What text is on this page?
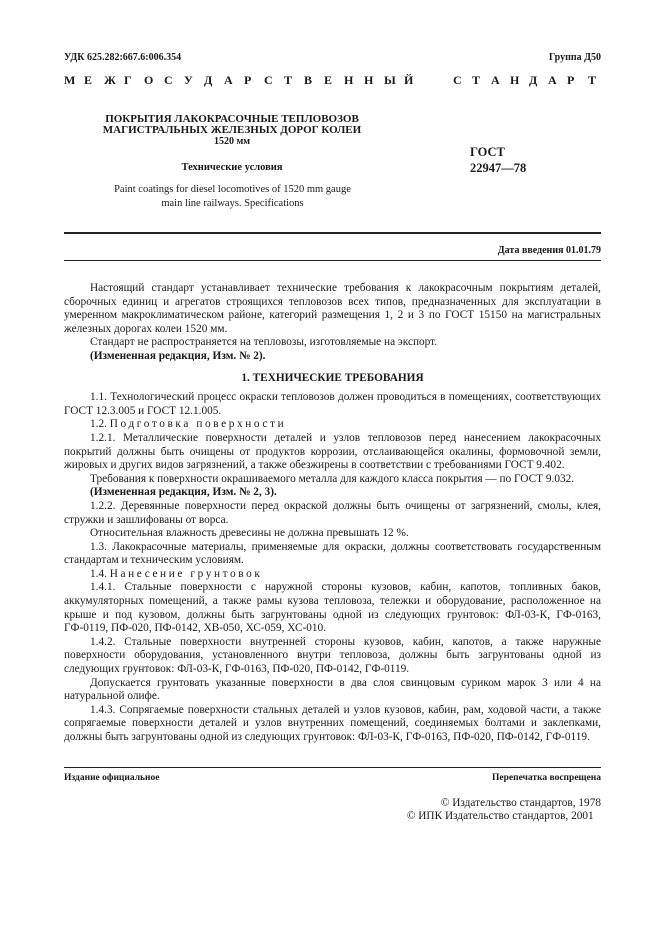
УДК 625.282:667.6:006.354	Группа Д50
М Е Ж Г О С У Д А Р С Т В Е Н Н Ы Й	С Т А Н Д А Р Т
ПОКРЫТИЯ ЛАКОКРАСОЧНЫЕ ТЕПЛОВОЗОВ
МАГИСТРАЛЬНЫХ ЖЕЛЕЗНЫХ ДОРОГ КОЛЕИ
1520 мм
Технические условия
Paint coatings for diesel locomotives of 1520 mm gauge
main line railways. Specifications
ГОСТ
22947—78
Дата введения 01.01.79

Настоящий стандарт устанавливает технические требования к лакокрасочным покрытиям деталей, сборочных единиц и агрегатов строящихся тепловозов всех типов, предназначенных для эксплуатации в умеренном макроклиматическом районе, категорий размещения 1, 2 и 3 по ГОСТ 15150 на магистральных железных дорогах колеи 1520 мм.

Стандарт не распространяется на тепловозы, изготовляемые на экспорт.

(Измененная редакция, Изм. № 2).

1. ТЕХНИЧЕСКИЕ ТРЕБОВАНИЯ

1.1. Технологический процесс окраски тепловозов должен проводиться в помещениях, соответствующих ГОСТ 12.3.005 и ГОСТ 12.1.005.

1.2. Подготовка поверхности

1.2.1. Металлические поверхности деталей и узлов тепловозов перед нанесением лакокрасочных покрытий должны быть очищены от продуктов коррозии, отслаивающейся окалины, формовочной земли, жировых и других видов загрязнений, а также обезжирены в соответствии с требованиями ГОСТ 9.402.

Требования к поверхности окрашиваемого металла для каждого класса покрытия — по ГОСТ 9.032.

(Измененная редакция, Изм. № 2, 3).

1.2.2. Деревянные поверхности перед окраской должны быть очищены от загрязнений, смолы, клея, стружки и зашлифованы от ворса.

Относительная влажность древесины не должна превышать 12 %.

1.3. Лакокрасочные материалы, применяемые для окраски, должны соответствовать государственным стандартам и техническим условиям.

1.4. Нанесение грунтовок

1.4.1. Стальные поверхности с наружной стороны кузовов, кабин, капотов, топливных баков, аккумуляторных помещений, а также рамы кузова тепловоза, тележки и оборудование, расположенное на крыше и под кузовом, должны быть загрунтованы одной из следующих грунтовок: ФЛ-03-К, ГФ-0163, ГФ-0119, ПФ-020, ПФ-0142, ХВ-050, ХС-059, ХС-010.

1.4.2. Стальные поверхности внутренней стороны кузовов, кабин, капотов, а также наружные поверхности оборудования, установленного внутри тепловоза, должны быть загрунтованы одной из следующих грунтовок: ФЛ-03-К, ГФ-0163, ПФ-020, ПФ-0142, ГФ-0119.

Допускается грунтовать указанные поверхности в два слоя свинцовым суриком марок 3 или 4 на натуральной олифе.

1.4.3. Сопрягаемые поверхности стальных деталей и узлов кузовов, кабин, рам, ходовой части, а также сопрягаемые поверхности деталей и узлов внутренних помещений, соединяемых болтами и заклепками, должны быть загрунтованы одной из следующих грунтовок: ФЛ-03-К, ГФ-0163, ПФ-020, ПФ-0142, ГФ-0119.

Издание официальное	Перепечатка воспрещена
© Издательство стандартов, 1978
© ИПК Издательство стандартов, 2001
